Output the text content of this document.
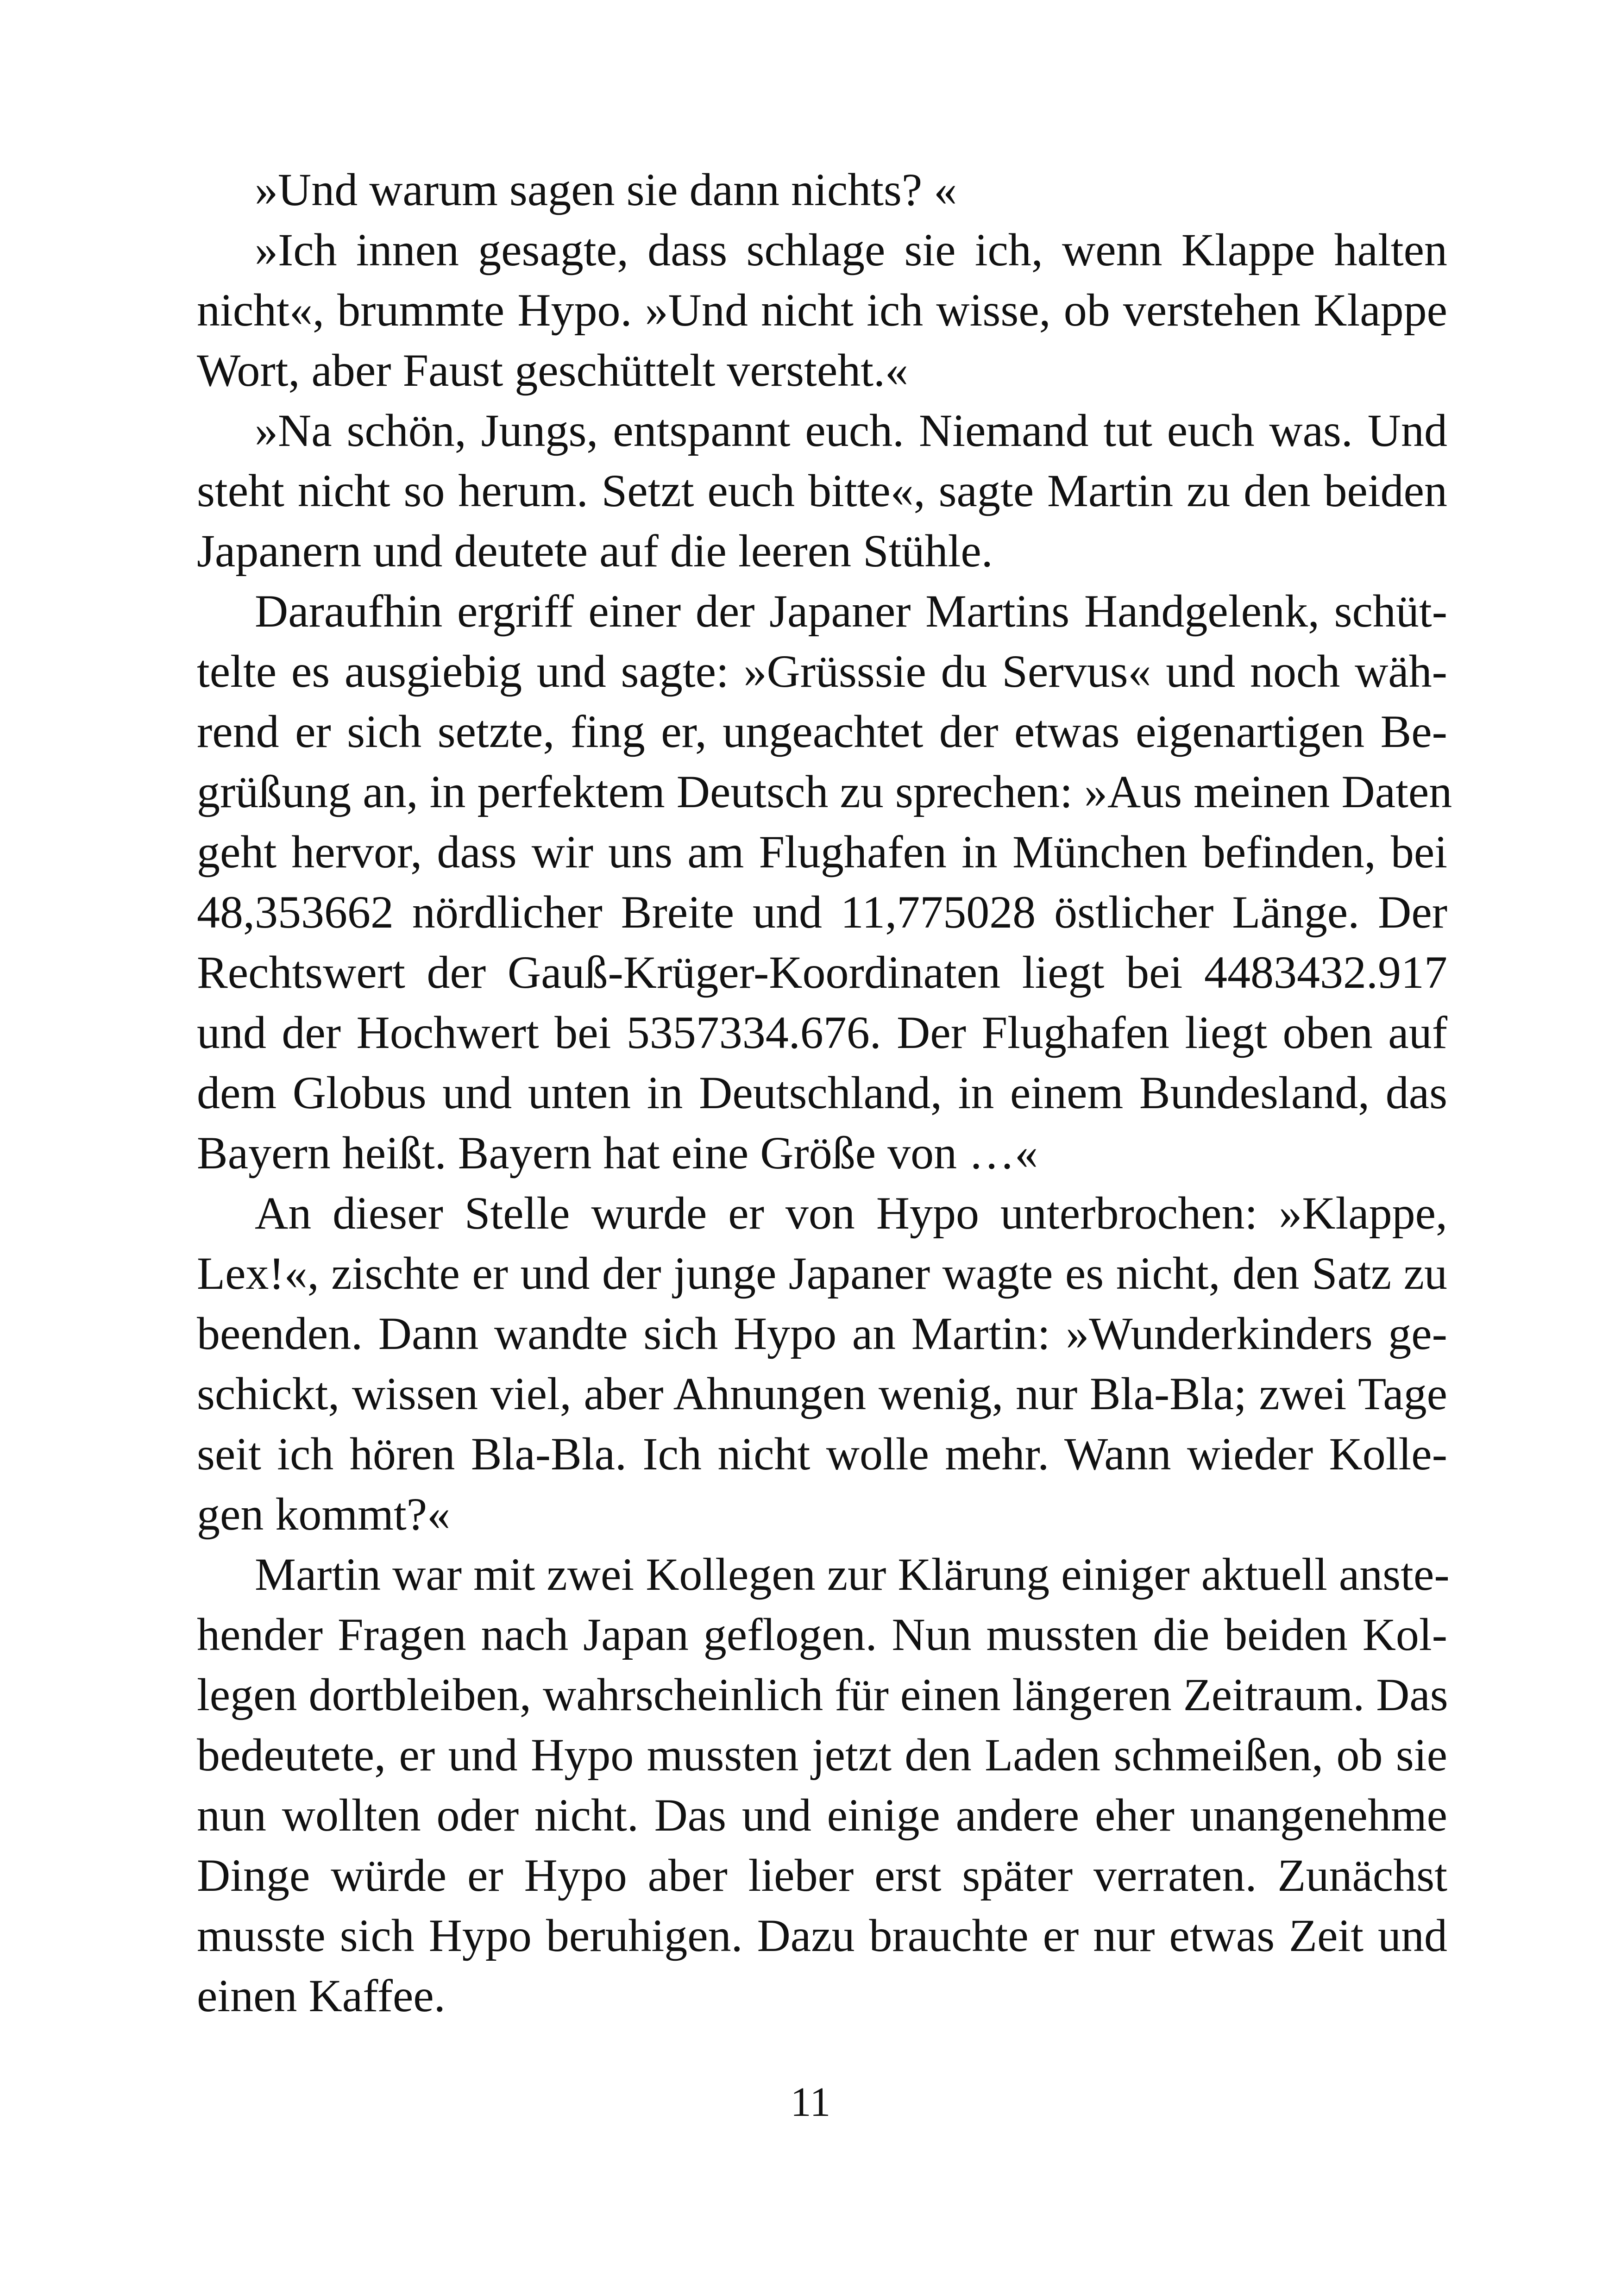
»Und warum sagen sie dann nichts? «
»Ich innen gesagte, dass schlage sie ich, wenn Klappe halten
nicht«, brummte Hypo. »Und nicht ich wisse, ob verstehen Klappe
Wort, aber Faust geschüttelt versteht.«
»Na schön, Jungs, entspannt euch. Niemand tut euch was. Und
steht nicht so herum. Setzt euch bitte«, sagte Martin zu den beiden
Japanern und deutete auf die leeren Stühle.
Daraufhin ergriff einer der Japaner Martins Handgelenk, schüt-
telte es ausgiebig und sagte: »Grüsssie du Servus« und noch wäh-
rend er sich setzte, fing er, ungeachtet der etwas eigenartigen Be-
grüßung an, in perfektem Deutsch zu sprechen: »Aus meinen Daten
geht hervor, dass wir uns am Flughafen in München befinden, bei
48,353662 nördlicher Breite und 11,775028 östlicher Länge. Der
Rechtswert der Gauß-Krüger-Koordinaten liegt bei 4483432.917
und der Hochwert bei 5357334.676. Der Flughafen liegt oben auf
dem Globus und unten in Deutschland, in einem Bundesland, das
Bayern heißt. Bayern hat eine Größe von …«
An dieser Stelle wurde er von Hypo unterbrochen: »Klappe,
Lex!«, zischte er und der junge Japaner wagte es nicht, den Satz zu
beenden. Dann wandte sich Hypo an Martin: »Wunderkinders ge-
schickt, wissen viel, aber Ahnungen wenig, nur Bla-Bla; zwei Tage
seit ich hören Bla-Bla. Ich nicht wolle mehr. Wann wieder Kolle-
gen kommt?«
Martin war mit zwei Kollegen zur Klärung einiger aktuell anste-
hender Fragen nach Japan geflogen. Nun mussten die beiden Kol-
legen dortbleiben, wahrscheinlich für einen längeren Zeitraum. Das
bedeutete, er und Hypo mussten jetzt den Laden schmeißen, ob sie
nun wollten oder nicht. Das und einige andere eher unangenehme
Dinge würde er Hypo aber lieber erst später verraten. Zunächst
musste sich Hypo beruhigen. Dazu brauchte er nur etwas Zeit und
einen Kaffee.
11
